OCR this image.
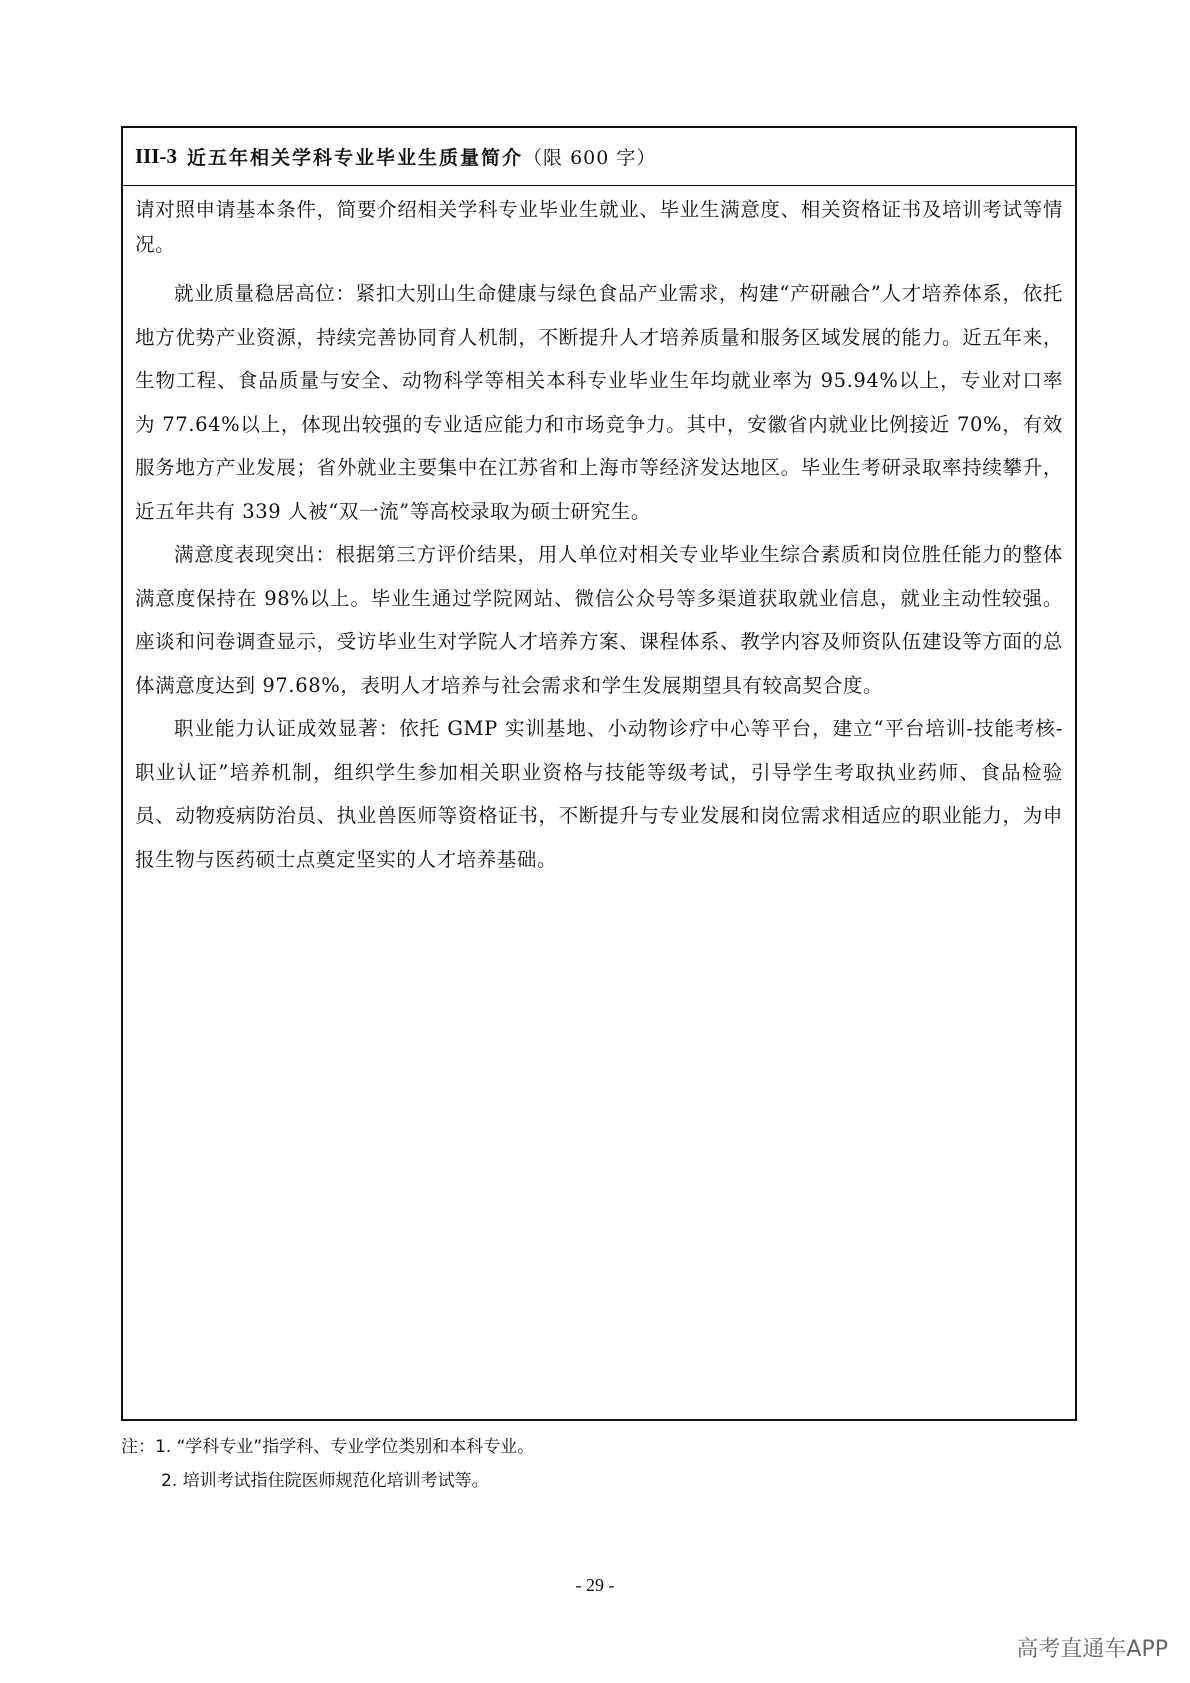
III-3 近五年相关学科专业毕业生质量简介 （限 600 字）

请对照申请基本条件，简要介绍相关学科专业毕业生就业、毕业生满意度、相关资格证书及培训考试等情况。

就业质量稳居高位：紧扣大别山生命健康与绿色食品产业需求，构建“产研融合”人才培养体系，依托地方优势产业资源，持续完善协同育人机制，不断提升人才培养质量和服务区域发展的能力。近五年来，生物工程、食品质量与安全、动物科学等相关本科专业毕业生年均就业率为 95.94%以上，专业对口率为 77.64%以上，体现出较强的专业适应能力和市场竞争力。其中，安徽省内就业比例接近 70%，有效服务地方产业发展；省外就业主要集中在江苏省和上海市等经济发达地区。毕业生考研录取率持续攀升，近五年共有 339 人被“双一流”等高校录取为硕士研究生。

满意度表现突出：根据第三方评价结果，用人单位对相关专业毕业生综合素质和岗位胜任能力的整体满意度保持在 98%以上。毕业生通过学院网站、微信公众号等多渠道获取就业信息，就业主动性较强。座谈和问卷调查显示，受访毕业生对学院人才培养方案、课程体系、教学内容及师资队伍建设等方面的总体满意度达到 97.68%，表明人才培养与社会需求和学生发展期望具有较高契合度。

职业能力认证成效显著：依托 GMP 实训基地、小动物诊疗中心等平台，建立“平台培训-技能考核-职业认证”培养机制，组织学生参加相关职业资格与技能等级考试，引导学生考取执业药师、食品检验员、动物疫病防治员、执业兽医师等资格证书，不断提升与专业发展和岗位需求相适应的职业能力，为申报生物与医药硕士点奠定坚实的人才培养基础。

注：1. “学科专业”指学科、专业学位类别和本科专业。
2. 培训考试指住院医师规范化培训考试等。
- 29 -
高考直通车APP
